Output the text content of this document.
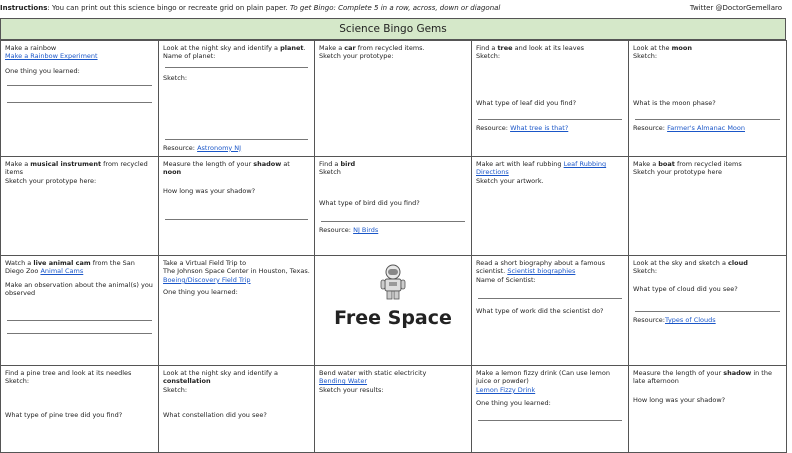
Instructions: You can print out this science bingo or recreate grid on plain paper. To get Bingo: Complete 5 in a row, across, down or diagonal	Twitter @DoctorGemellaro
Science Bingo Gems
Make a rainbow
Make a Rainbow Experiment
One thing you learned:	Look at the night sky and identify a planet. Name of planet:
Sketch:
Resource: Astronomy NJ	Make a car from recycled items.
Sketch your prototype:	Find a tree and look at its leaves
Sketch:
What type of leaf did you find?
Resource: What tree is that?	Look at the moon
Sketch:
What is the moon phase?
Resource: Farmer's Almanac Moon

Make a musical instrument from recycled items
Sketch your prototype here:	Measure the length of your shadow at noon
How long was your shadow?	Find a bird
Sketch
What type of bird did you find?
Resource: NJ Birds	Make art with leaf rubbing Leaf Rubbing Directions
Sketch your artwork.	Make a boat from recycled items
Sketch your prototype here

Watch a live animal cam from the San Diego Zoo Animal Cams
Make an observation about the animal(s) you observed	Take a Virtual Field Trip to
The Johnson Space Center in Houston, Texas. Boeing/Discovery Field Trip
One thing you learned:	Free Space	Read a short biography about a famous scientist. Scientist biographies
Name of Scientist:
What type of work did the scientist do?	Look at the sky and sketch a cloud
Sketch:
What type of cloud did you see?
Resource:Types of Clouds

Find a pine tree and look at its needles
Sketch:
What type of pine tree did you find?	Look at the night sky and identify a constellation
Sketch:
What constellation did you see?	Bend water with static electricity
Bending Water
Sketch your results:	Make a lemon fizzy drink (Can use lemon juice or powder)
Lemon Fizzy Drink
One thing you learned:	Measure the length of your shadow in the late afternoon
How long was your shadow?
